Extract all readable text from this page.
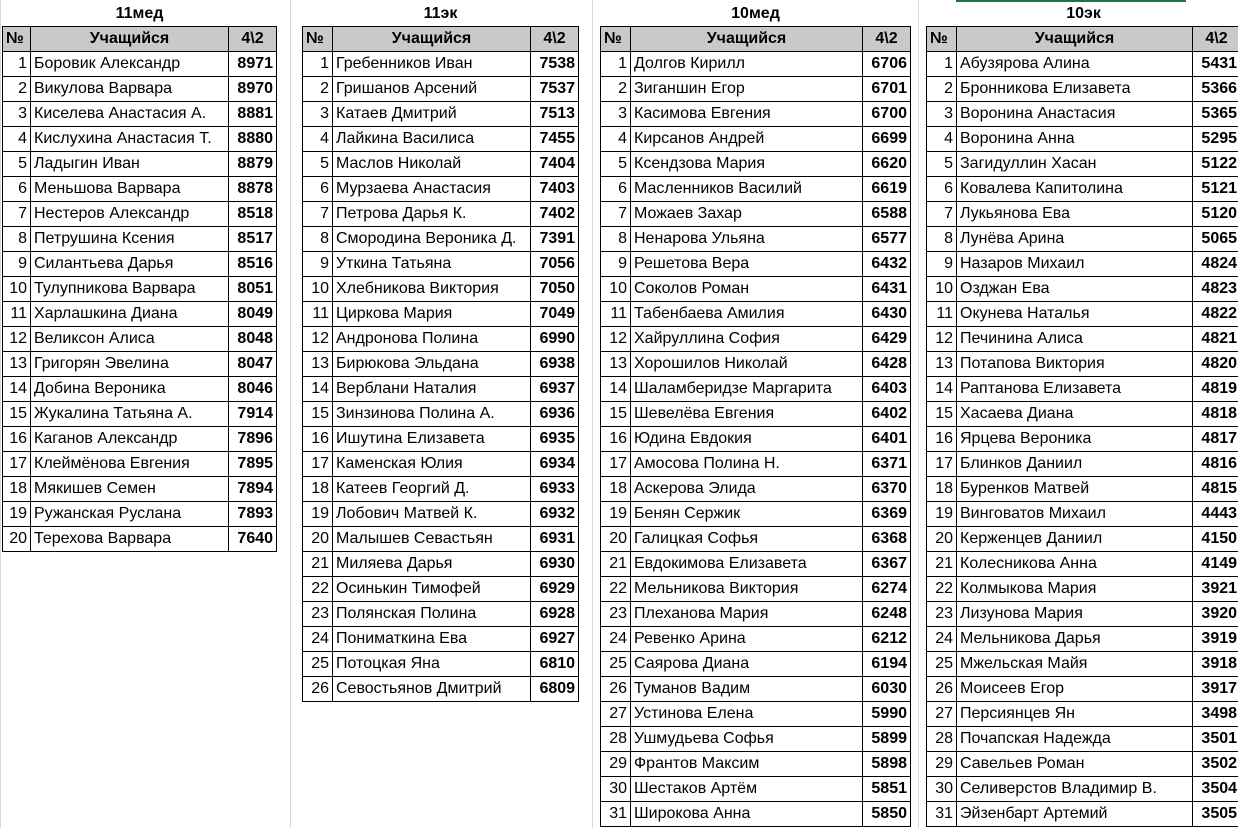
11мед		
№	Учащийся	4\2
1	Боровик Александр	8971
2	Викулова Варвара	8970
3	Киселева Анастасия А.	8881
4	Кислухина Анастасия Т.	8880
5	Ладыгин Иван	8879
6	Меньшова Варвара	8878
7	Нестеров Александр	8518
8	Петрушина Ксения	8517
9	Силантьева Дарья	8516
10	Тулупникова Варвара	8051
11	Харлашкина Диана	8049
12	Великсон Алиса	8048
13	Григорян Эвелина	8047
14	Добина Вероника	8046
15	Жукалина Татьяна А.	7914
16	Каганов Александр	7896
17	Клеймёнова Евгения	7895
18	Мякишев Семен	7894
19	Ружанская Руслана	7893
20	Терехова Варвара	7640
11эк		
№	Учащийся	4\2
1	Гребенников Иван	7538
2	Гришанов Арсений	7537
3	Катаев Дмитрий	7513
4	Лайкина Василиса	7455
5	Маслов Николай	7404
6	Мурзаева Анастасия	7403
7	Петрова Дарья К.	7402
8	Смородина Вероника Д.	7391
9	Уткина Татьяна	7056
10	Хлебникова Виктория	7050
11	Циркова Мария	7049
12	Андронова Полина	6990
13	Бирюкова Эльдана	6938
14	Верблани Наталия	6937
15	Зинзинова Полина А.	6936
16	Ишутина Елизавета	6935
17	Каменская Юлия	6934
18	Катеев Георгий Д.	6933
19	Лобович Матвей К.	6932
20	Малышев Севастьян	6931
21	Миляева Дарья	6930
22	Осинькин Тимофей	6929
23	Полянская Полина	6928
24	Пониматкина Ева	6927
25	Потоцкая Яна	6810
26	Севостьянов Дмитрий	6809
10мед		
№	Учащийся	4\2
1	Долгов Кирилл	6706
2	Зиганшин Егор	6701
3	Касимова Евгения	6700
4	Кирсанов Андрей	6699
5	Ксендзова Мария	6620
6	Масленников Василий	6619
7	Можаев Захар	6588
8	Ненарова Ульяна	6577
9	Решетова Вера	6432
10	Соколов Роман	6431
11	Табенбаева Амилия	6430
12	Хайруллина София	6429
13	Хорошилов Николай	6428
14	Шаламберидзе Маргарита	6403
15	Шевелёва Евгения	6402
16	Юдина Евдокия	6401
17	Амосова Полина Н.	6371
18	Аскерова Элида	6370
19	Бенян Сержик	6369
20	Галицкая Софья	6368
21	Евдокимова Елизавета	6367
22	Мельникова Виктория	6274
23	Плеханова Мария	6248
24	Ревенко Арина	6212
25	Саярова Диана	6194
26	Туманов Вадим	6030
27	Устинова Елена	5990
28	Ушмудьева Софья	5899
29	Франтов Максим	5898
30	Шестаков Артём	5851
31	Широкова Анна	5850
10эк		
№	Учащийся	4\2
1	Абузярова Алина	5431
2	Бронникова Елизавета	5366
3	Воронина Анастасия	5365
4	Воронина Анна	5295
5	Загидуллин Хасан	5122
6	Ковалева Капитолина	5121
7	Лукьянова Ева	5120
8	Лунёва Арина	5065
9	Назаров Михаил	4824
10	Озджан Ева	4823
11	Окунева Наталья	4822
12	Печинина Алиса	4821
13	Потапова Виктория	4820
14	Раптанова Елизавета	4819
15	Хасаева Диана	4818
16	Ярцева Вероника	4817
17	Блинков Даниил	4816
18	Буренков Матвей	4815
19	Винговатов Михаил	4443
20	Керженцев Даниил	4150
21	Колесникова Анна	4149
22	Колмыкова Мария	3921
23	Лизунова Мария	3920
24	Мельникова Дарья	3919
25	Мжельская Майя	3918
26	Моисеев Егор	3917
27	Персиянцев Ян	3498
28	Почапская Надежда	3501
29	Савельев Роман	3502
30	Селиверстов Владимир В.	3504
31	Эйзенбарт Артемий	3505
